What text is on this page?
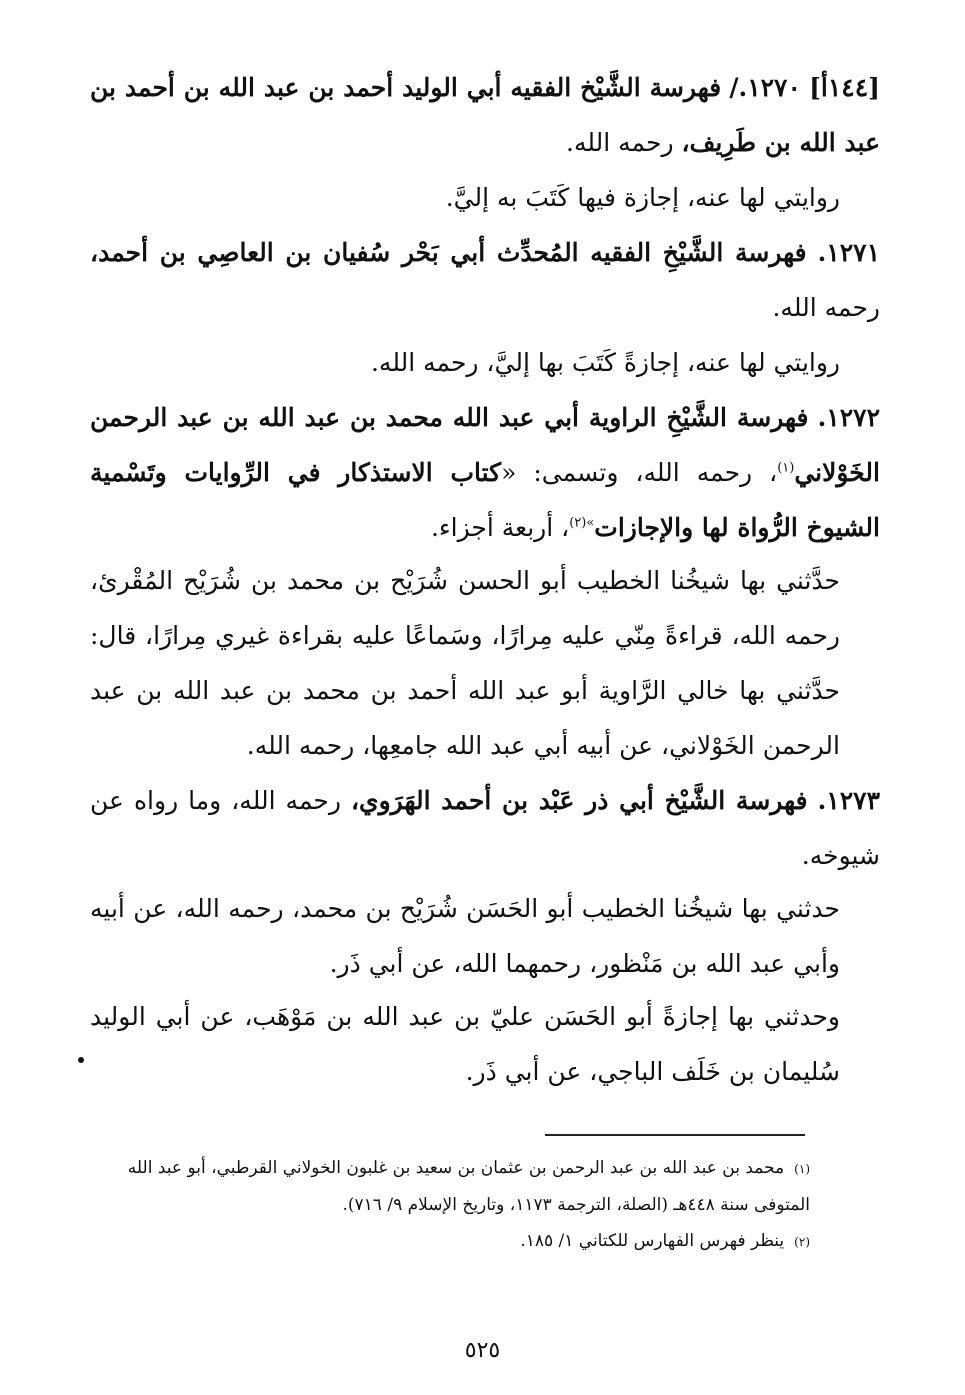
[١٤٤أ] ١٢٧٠./ فهرسة الشَّيْخ الفقيه أبي الوليد أحمد بن عبد الله بن أحمد بن عبد الله بن طَرِيف، رحمه الله.

روايتي لها عنه، إجازة فيها كَتَبَ به إليَّ.

١٢٧١. فهرسة الشَّيْخِ الفقيه المُحدِّث أبي بَحْر سُفيان بن العاصِي بن أحمد، رحمه الله.

روايتي لها عنه، إجازةً كَتَبَ بها إليَّ، رحمه الله.

١٢٧٢. فهرسة الشَّيْخِ الراوية أبي عبد الله محمد بن عبد الله بن عبد الرحمن الخَوْلاني$^{(١)}$، رحمه الله، وتسمى: «كتاب الاستذكار في الرِّوايات وتَسْمية الشيوخ الرُّواة لها والإجازات$^{»(٢)}$، أربعة أجزاء.

حدَّثني بها شيخُنا الخطيب أبو الحسن شُرَيْح بن محمد بن شُرَيْح المُقْرئ، رحمه الله، قراءةً مِنّي عليه مِرارًا، وسَماعًا عليه بقراءة غيري مِرارًا، قال: حدَّثني بها خالي الرَّاوية أبو عبد الله أحمد بن محمد بن عبد الله بن عبد الرحمن الخَوْلاني، عن أبيه أبي عبد الله جامعِها، رحمه الله.

١٢٧٣. فهرسة الشَّيْخ أبي ذر عَبْد بن أحمد الهَرَوي، رحمه الله، وما رواه عن شيوخه.

حدثني بها شيخُنا الخطيب أبو الحَسَن شُرَيْح بن محمد، رحمه الله، عن أبيه وأبي عبد الله بن مَنْظور، رحمهما الله، عن أبي ذَر.

وحدثني بها إجازةً أبو الحَسَن عليّ بن عبد الله بن مَوْهَب، عن أبي الوليد سُليمان بن خَلَف الباجي، عن أبي ذَر.

(١)محمد بن عبد الله بن عبد الرحمن بن عثمان بن سعيد بن غلبون الخولاني القرطبي، أبو عبد الله المتوفى سنة ٤٤٨هـ (الصلة، الترجمة ١١٧٣، وتاريخ الإسلام ٩/ ٧١٦).

(٢)ينظر فهرس الفهارس للكتاني ١/ ١٨٥.

٥٢٥
